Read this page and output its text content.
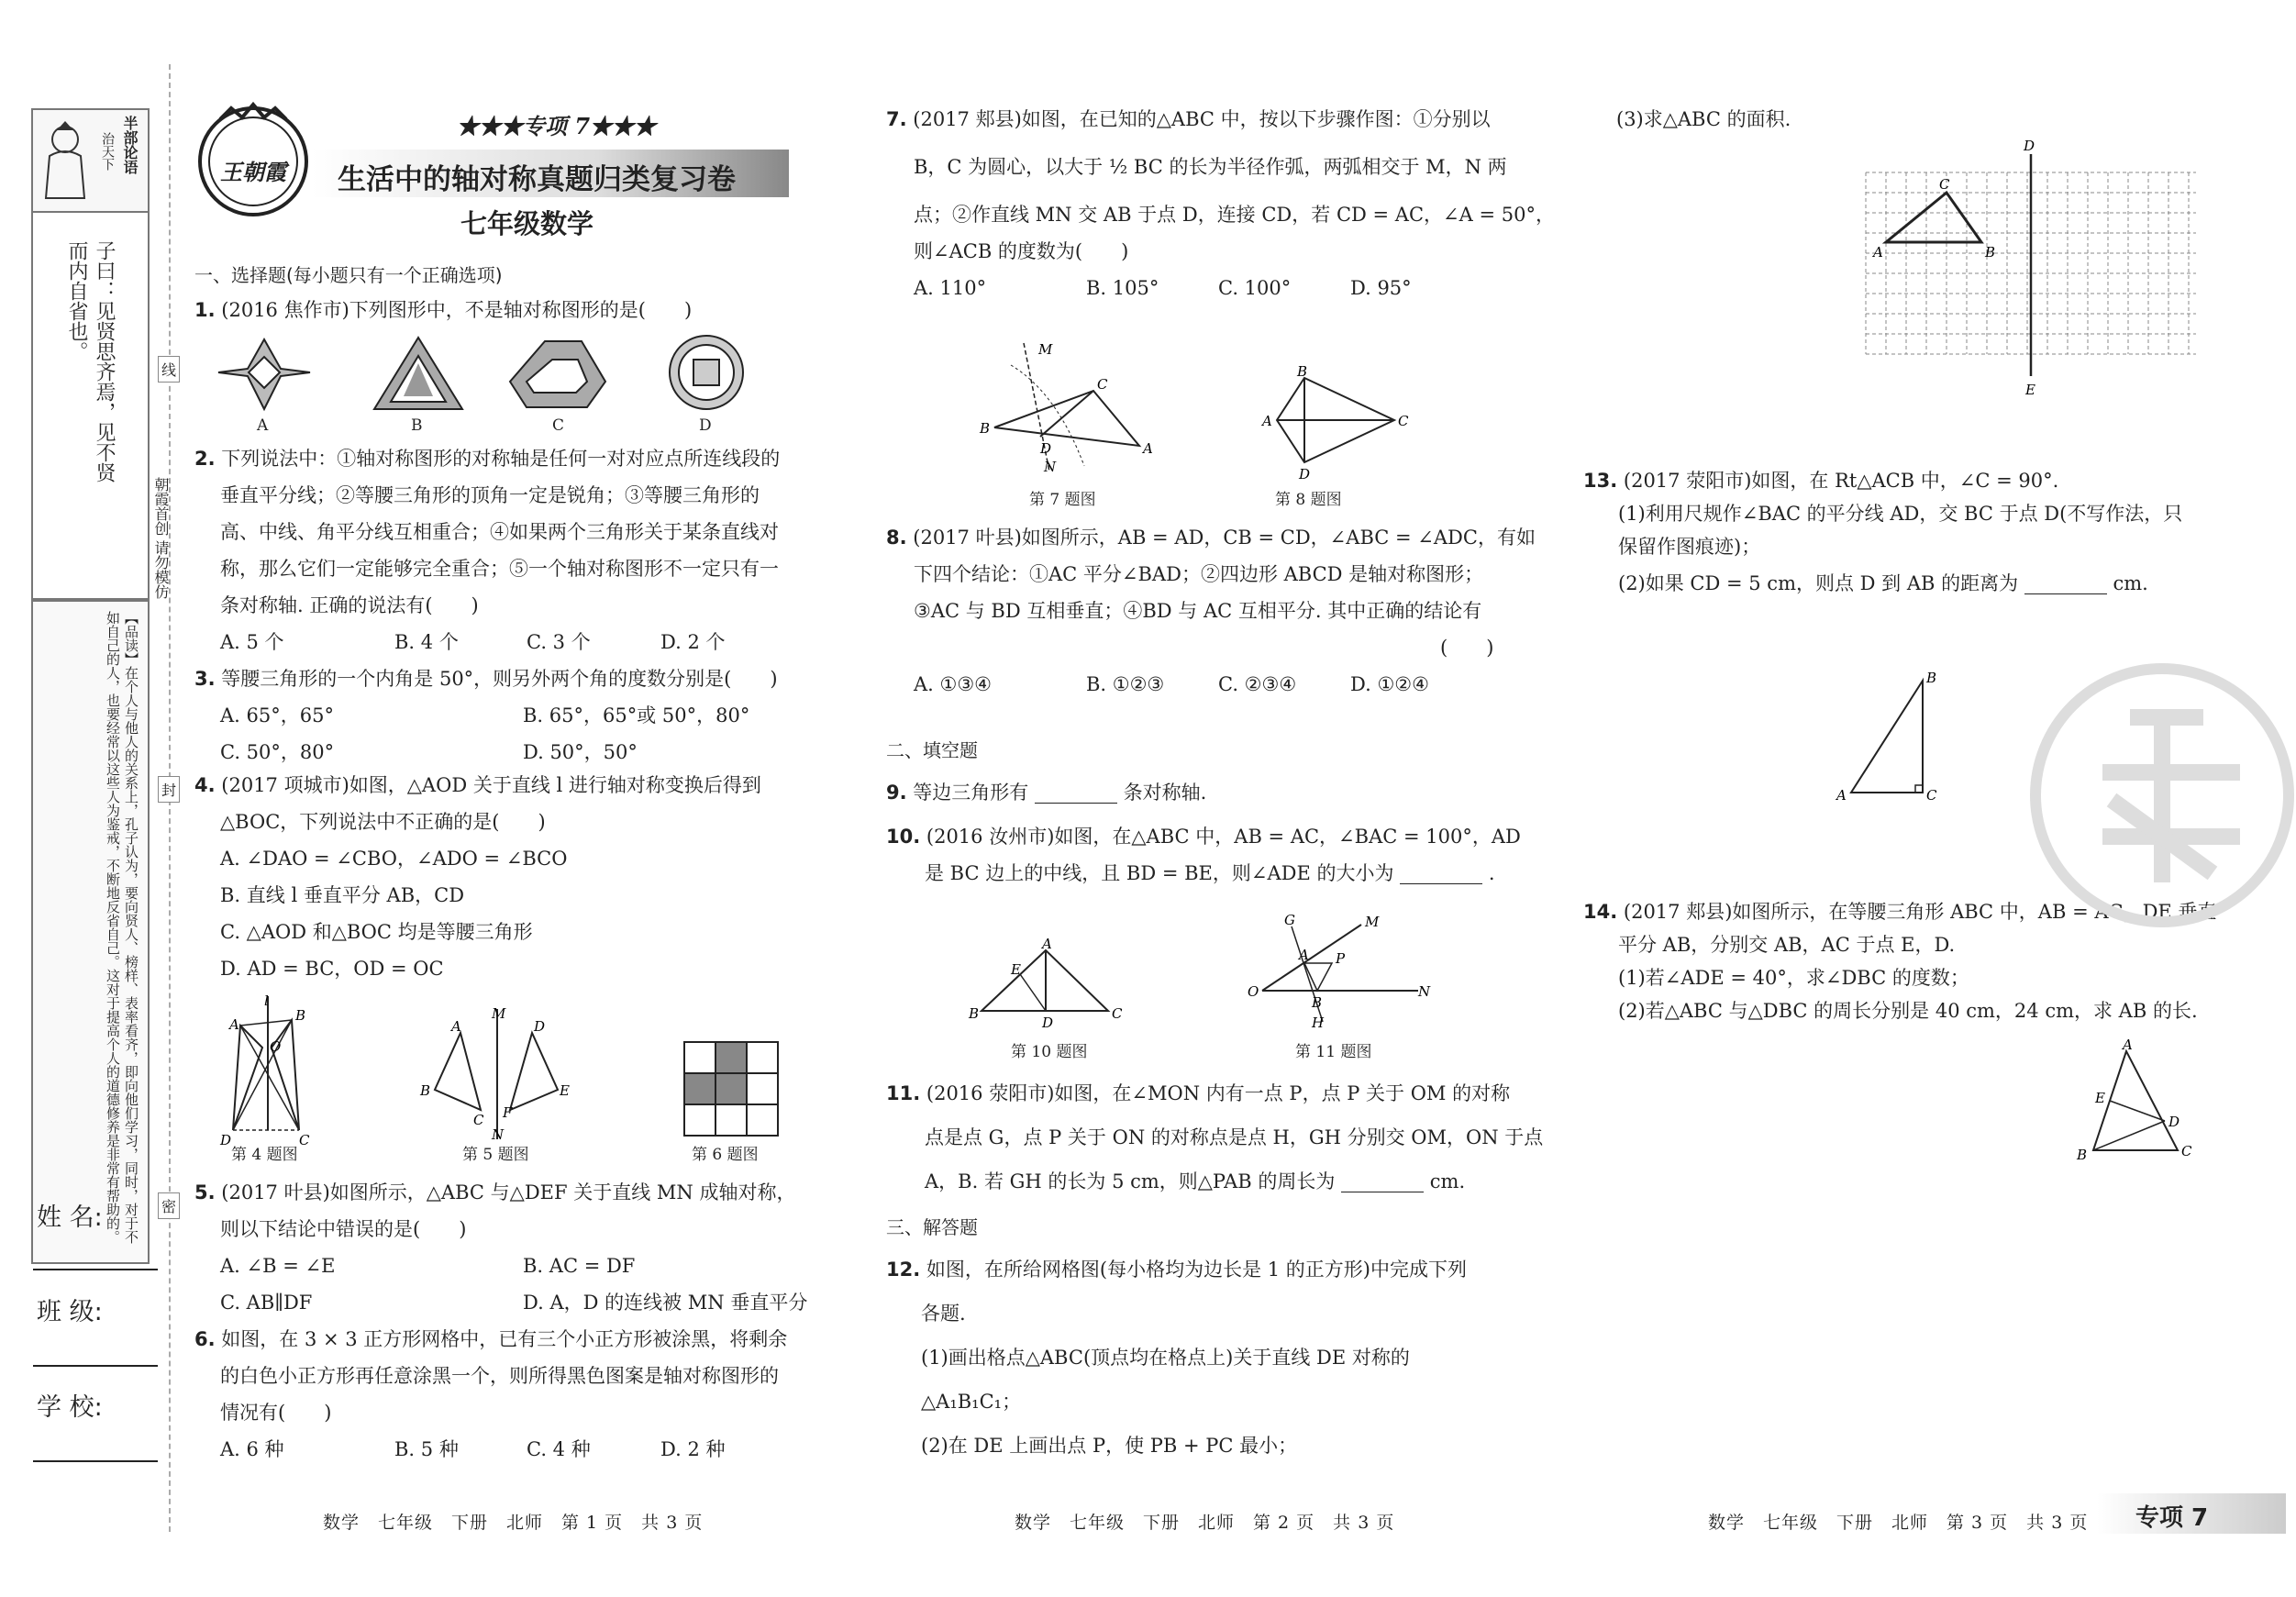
半部论语
治天下
子曰：见贤思齐焉，见不贤
而内自省也。
【品读】在个人与他人的关系上，孔子认为，要向贤人、榜样、表率看齐，即向他们学习，同时，对于不如自己的人，也要经常以这些人为鉴戒，不断地反省自己。这对于提高个人的道德修养是非常有帮助的。
线
封
密
朝霞首创 请勿模仿
姓 名:
班 级:
学 校:
王朝霞
★★★专项 7★★★
生活中的轴对称真题归类复习卷
七年级数学
一、选择题(每小题只有一个正确选项)
1. (2016 焦作市)下列图形中，不是轴对称图形的是(　　)
A	B	C	D

2. 下列说法中：①轴对称图形的对称轴是任何一对对应点所连线段的

垂直平分线；②等腰三角形的顶角一定是锐角；③等腰三角形的

高、中线、角平分线互相重合；④如果两个三角形关于某条直线对

称，那么它们一定能够完全重合；⑤一个轴对称图形不一定只有一

条对称轴. 正确的说法有(　　)

A. 5 个	B. 4 个	C. 3 个	D. 2 个

3. 等腰三角形的一个内角是 50°，则另外两个角的度数分别是(　　)

A. 65°，65°	B. 65°，65°或 50°，80°

C. 50°，80°	D. 50°，50°

4. (2017 项城市)如图，△AOD 关于直线 l 进行轴对称变换后得到

△BOC，下列说法中不正确的是(　　)

A. ∠DAO = ∠CBO，∠ADO = ∠BCO

B. 直线 l 垂直平分 AB，CD

C. △AOD 和△BOC 均是等腰三角形

D. AD = BC，OD = OC

l
B
A
O
D	C
第 4 题图
M
A	D
B	E
C F
N
第 5 题图	第 6 题图

5. (2017 叶县)如图所示，△ABC 与△DEF 关于直线 MN 成轴对称，

则以下结论中错误的是(　　)

A. ∠B = ∠E	B. AC = DF

C. AB∥DF	D. A，D 的连线被 MN 垂直平分

6. 如图，在 3 × 3 正方形网格中，已有三个小正方形被涂黑，将剩余

的白色小正方形再任意涂黑一个，则所得黑色图案是轴对称图形的

情况有(　　)

A. 6 种	B. 5 种	C. 4 种	D. 2 种

数学　七年级　下册　北师　第 1 页　共 3 页

7. (2017 郏县)如图，在已知的△ABC 中，按以下步骤作图：①分别以

B，C 为圆心，以大于 ½ BC 的长为半径作弧，两弧相交于 M，N 两

点；②作直线 MN 交 AB 于点 D，连接 CD，若 CD = AC，∠A = 50°，

则∠ACB 的度数为(　　)

A. 110°	B. 105°	C. 100°	D. 95°

M
C
B
A
D
N
第 7 题图
B
A	C
D
第 8 题图

8. (2017 叶县)如图所示，AB = AD，CB = CD，∠ABC = ∠ADC，有如

下四个结论：①AC 平分∠BAD；②四边形 ABCD 是轴对称图形；

③AC 与 BD 互相垂直；④BD 与 AC 互相平分. 其中正确的结论有

(　　)

A. ①③④	B. ①②③	C. ②③④	D. ①②④

二、填空题
9. 等边三角形有	条对称轴.

10. (2016 汝州市)如图，在△ABC 中，AB = AC，∠BAC = 100°，AD

是 BC 边上的中线，且 BD = BE，则∠ADE 的大小为	.

A
E
B	C
D
第 10 题图
O
M
N
G
A P
B
H
第 11 题图

11. (2016 荥阳市)如图，在∠MON 内有一点 P，点 P 关于 OM 的对称

点是点 G，点 P 关于 ON 的对称点是点 H，GH 分别交 OM，ON 于点

A，B. 若 GH 的长为 5 cm，则△PAB 的周长为	cm.

三、解答题

12. 如图，在所给网格图(每小格均为边长是 1 的正方形)中完成下列

各题.

(1)画出格点△ABC(顶点均在格点上)关于直线 DE 对称的

△A₁B₁C₁；

(2)在 DE 上画出点 P，使 PB + PC 最小；

数学　七年级　下册　北师　第 2 页　共 3 页
(3)求△ABC 的面积.
D
E
C
A	B

13. (2017 荥阳市)如图，在 Rt△ACB 中，∠C = 90°.

(1)利用尺规作∠BAC 的平分线 AD，交 BC 于点 D(不写作法，只

保留作图痕迹)；

(2)如果 CD = 5 cm，则点 D 到 AB 的距离为	cm.

B
A	C

14. (2017 郏县)如图所示，在等腰三角形 ABC 中，AB = AC，DE 垂直

平分 AB，分别交 AB，AC 于点 E，D.

(1)若∠ADE = 40°，求∠DBC 的度数；

(2)若△ABC 与△DBC 的周长分别是 40 cm，24 cm，求 AB 的长.

A
E
D
B	C
数学　七年级　下册　北师　第 3 页　共 3 页 专项 7
